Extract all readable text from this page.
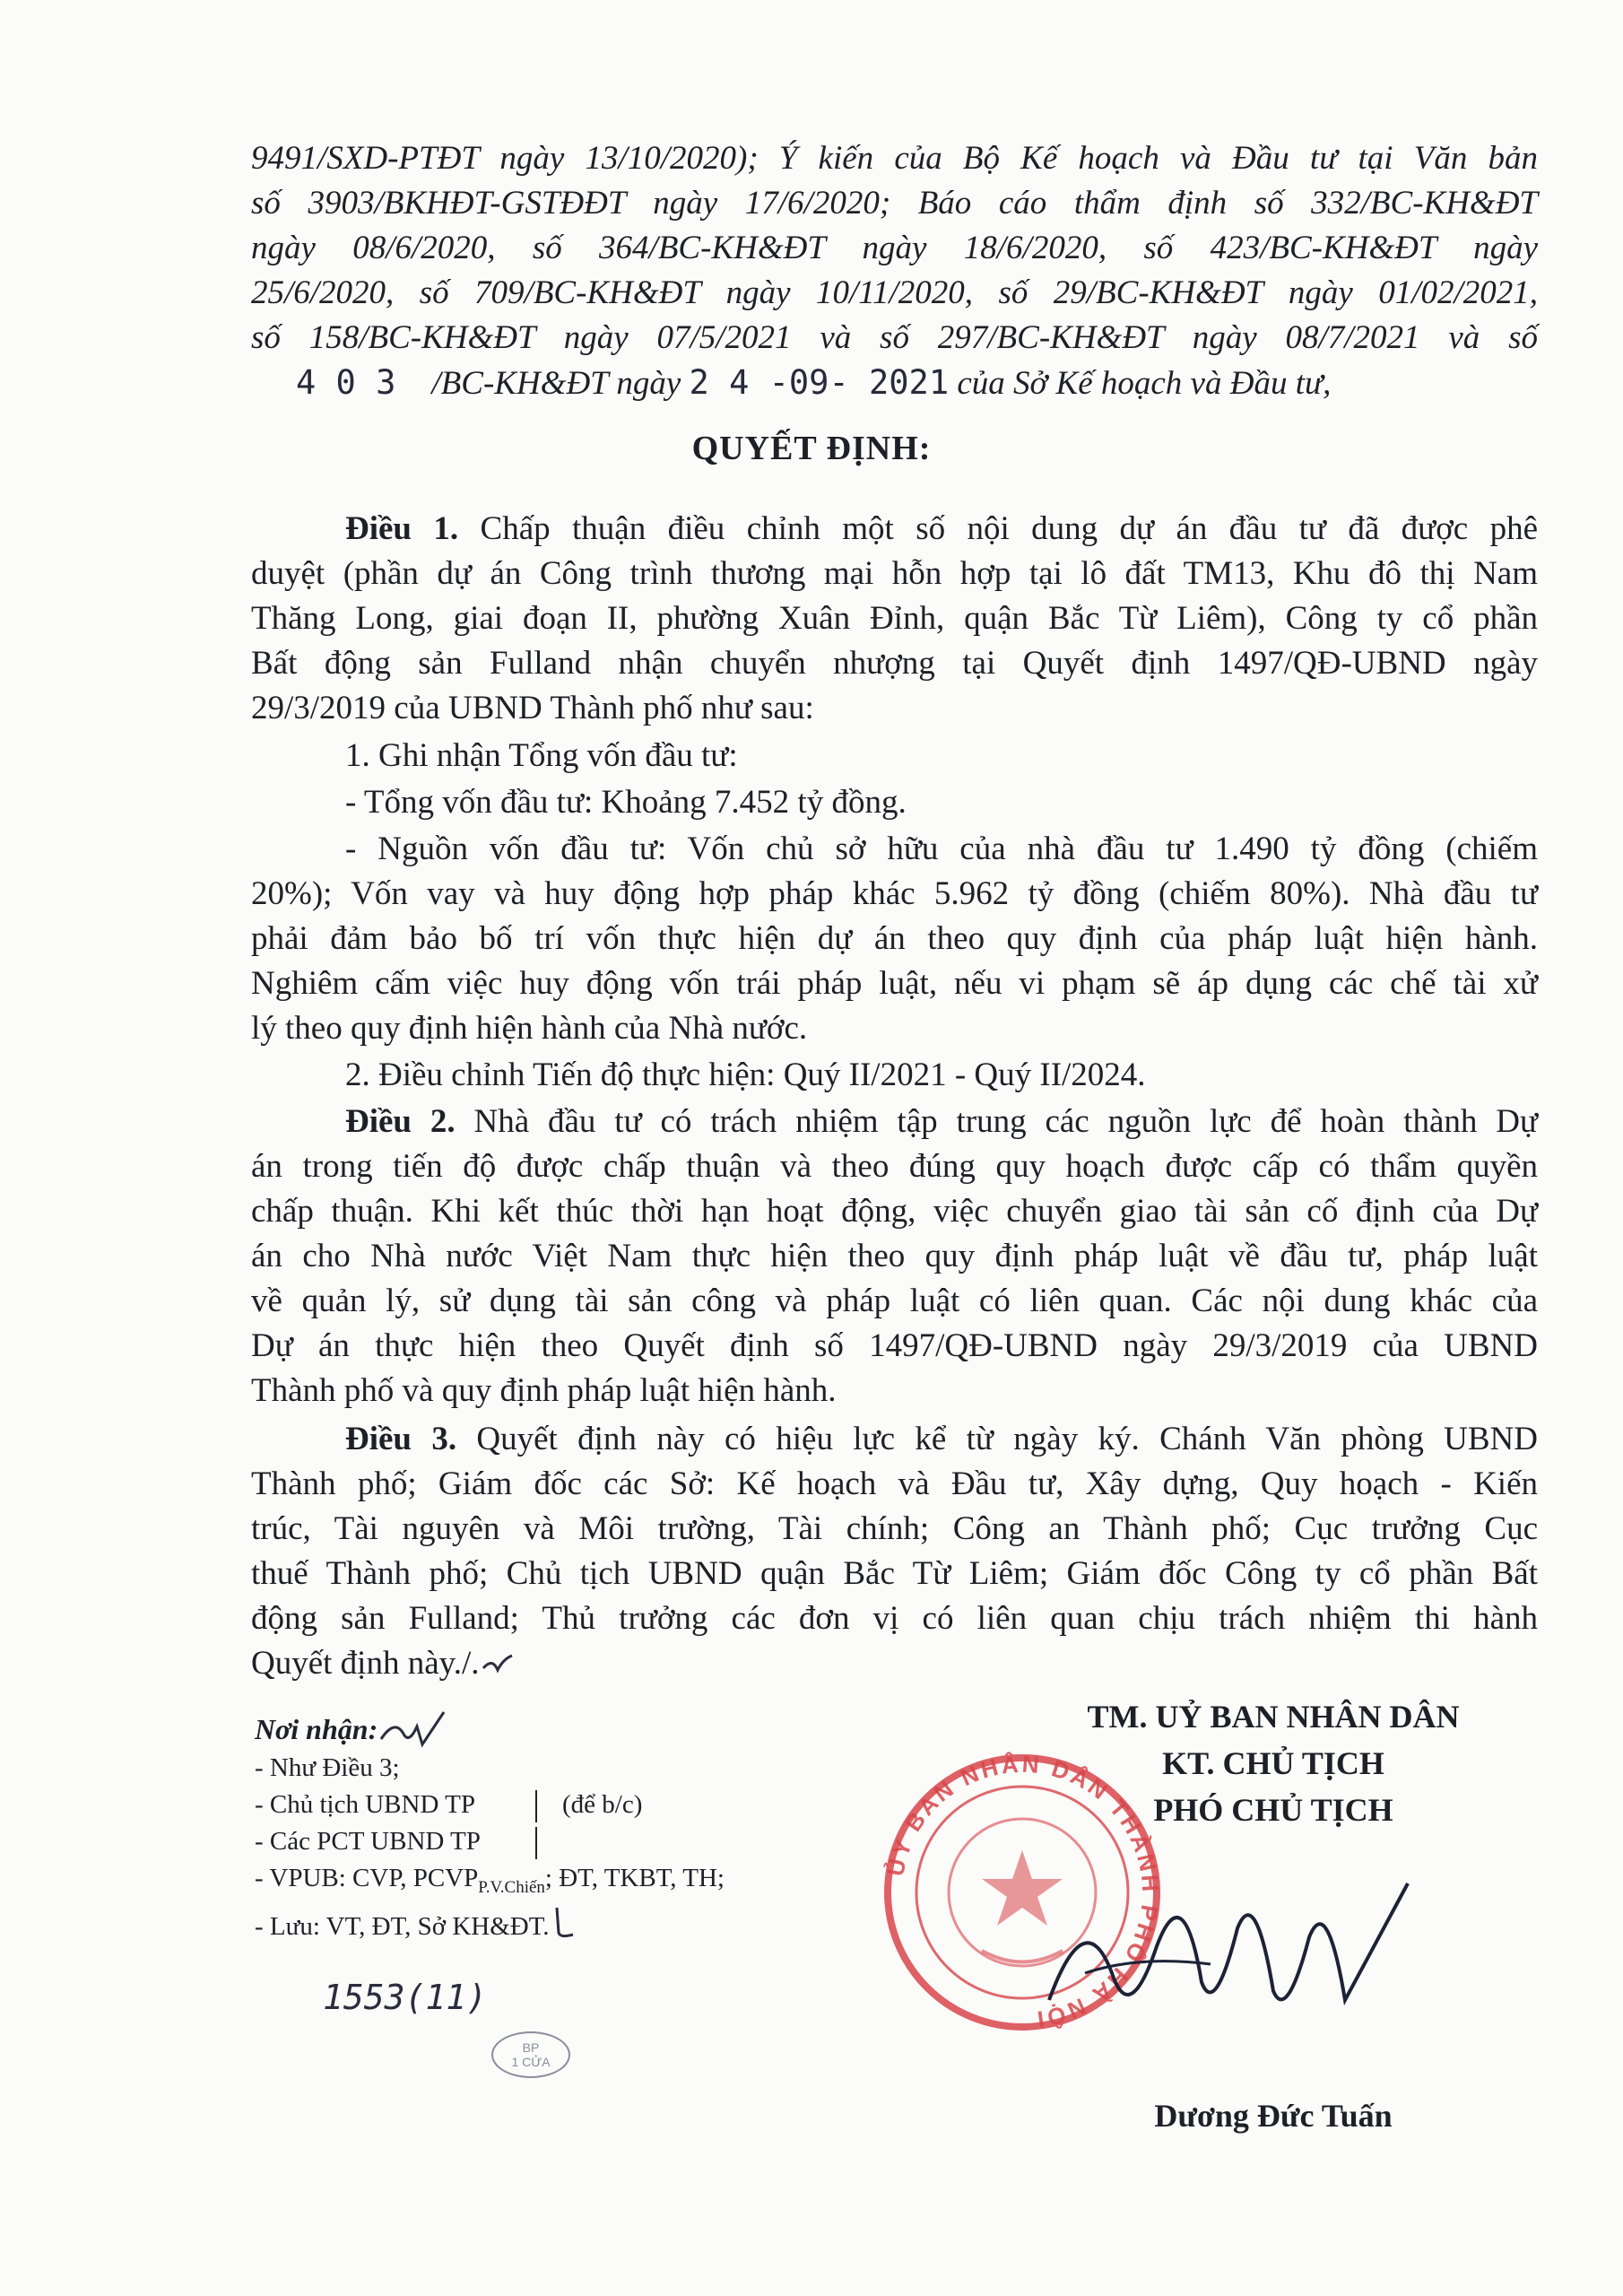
9491/SXD-PTĐT ngày 13/10/2020); Ý kiến của Bộ Kế hoạch và Đầu tư tại Văn bản

số 3903/BKHĐT-GSTĐĐT ngày 17/6/2020; Báo cáo thẩm định số 332/BC-KH&ĐT

ngày 08/6/2020, số 364/BC-KH&ĐT ngày 18/6/2020, số 423/BC-KH&ĐT ngày

25/6/2020, số 709/BC-KH&ĐT ngày 10/11/2020, số 29/BC-KH&ĐT ngày 01/02/2021,

số 158/BC-KH&ĐT ngày 07/5/2021 và số 297/BC-KH&ĐT ngày 08/7/2021 và số

4 0 3 /BC-KH&ĐT ngày 2 4 -09- 2021 của Sở Kế hoạch và Đầu tư,

QUYẾT ĐỊNH:

Điều 1. Chấp thuận điều chỉnh một số nội dung dự án đầu tư đã được phê

duyệt (phần dự án Công trình thương mại hỗn hợp tại lô đất TM13, Khu đô thị Nam

Thăng Long, giai đoạn II, phường Xuân Đỉnh, quận Bắc Từ Liêm), Công ty cổ phần

Bất động sản Fulland nhận chuyển nhượng tại Quyết định 1497/QĐ-UBND ngày

29/3/2019 của UBND Thành phố như sau:

1. Ghi nhận Tổng vốn đầu tư:

- Tổng vốn đầu tư: Khoảng 7.452 tỷ đồng.

- Nguồn vốn đầu tư: Vốn chủ sở hữu của nhà đầu tư 1.490 tỷ đồng (chiếm

20%); Vốn vay và huy động hợp pháp khác 5.962 tỷ đồng (chiếm 80%). Nhà đầu tư

phải đảm bảo bố trí vốn thực hiện dự án theo quy định của pháp luật hiện hành.

Nghiêm cấm việc huy động vốn trái pháp luật, nếu vi phạm sẽ áp dụng các chế tài xử

lý theo quy định hiện hành của Nhà nước.

2. Điều chỉnh Tiến độ thực hiện: Quý II/2021 - Quý II/2024.

Điều 2. Nhà đầu tư có trách nhiệm tập trung các nguồn lực để hoàn thành Dự

án trong tiến độ được chấp thuận và theo đúng quy hoạch được cấp có thẩm quyền

chấp thuận. Khi kết thúc thời hạn hoạt động, việc chuyển giao tài sản cố định của Dự

án cho Nhà nước Việt Nam thực hiện theo quy định pháp luật về đầu tư, pháp luật

về quản lý, sử dụng tài sản công và pháp luật có liên quan. Các nội dung khác của

Dự án thực hiện theo Quyết định số 1497/QĐ-UBND ngày 29/3/2019 của UBND

Thành phố và quy định pháp luật hiện hành.

Điều 3. Quyết định này có hiệu lực kể từ ngày ký. Chánh Văn phòng UBND

Thành phố; Giám đốc các Sở: Kế hoạch và Đầu tư, Xây dựng, Quy hoạch - Kiến

trúc, Tài nguyên và Môi trường, Tài chính; Công an Thành phố; Cục trưởng Cục

thuế Thành phố; Chủ tịch UBND quận Bắc Từ Liêm; Giám đốc Công ty cổ phần Bất

động sản Fulland; Thủ trưởng các đơn vị có liên quan chịu trách nhiệm thi hành

Quyết định này./.

Nơi nhận:
- Như Điều 3;
- Chủ tịch UBND TP	(để b/c)
- Các PCT UBND TP
- VPUB: CVP, $PCVP_{P.V.Chiến}$; ĐT, TKBT, TH;
- Lưu: VT, ĐT, Sở KH&ĐT.
1553(11)
BP
1 CỬA
TM. UỶ BAN NHÂN DÂN
KT. CHỦ TỊCH
PHÓ CHỦ TỊCH
ỦY BAN NHÂN DÂN THÀNH PHỐ HÀ NỘI
Dương Đức Tuấn
